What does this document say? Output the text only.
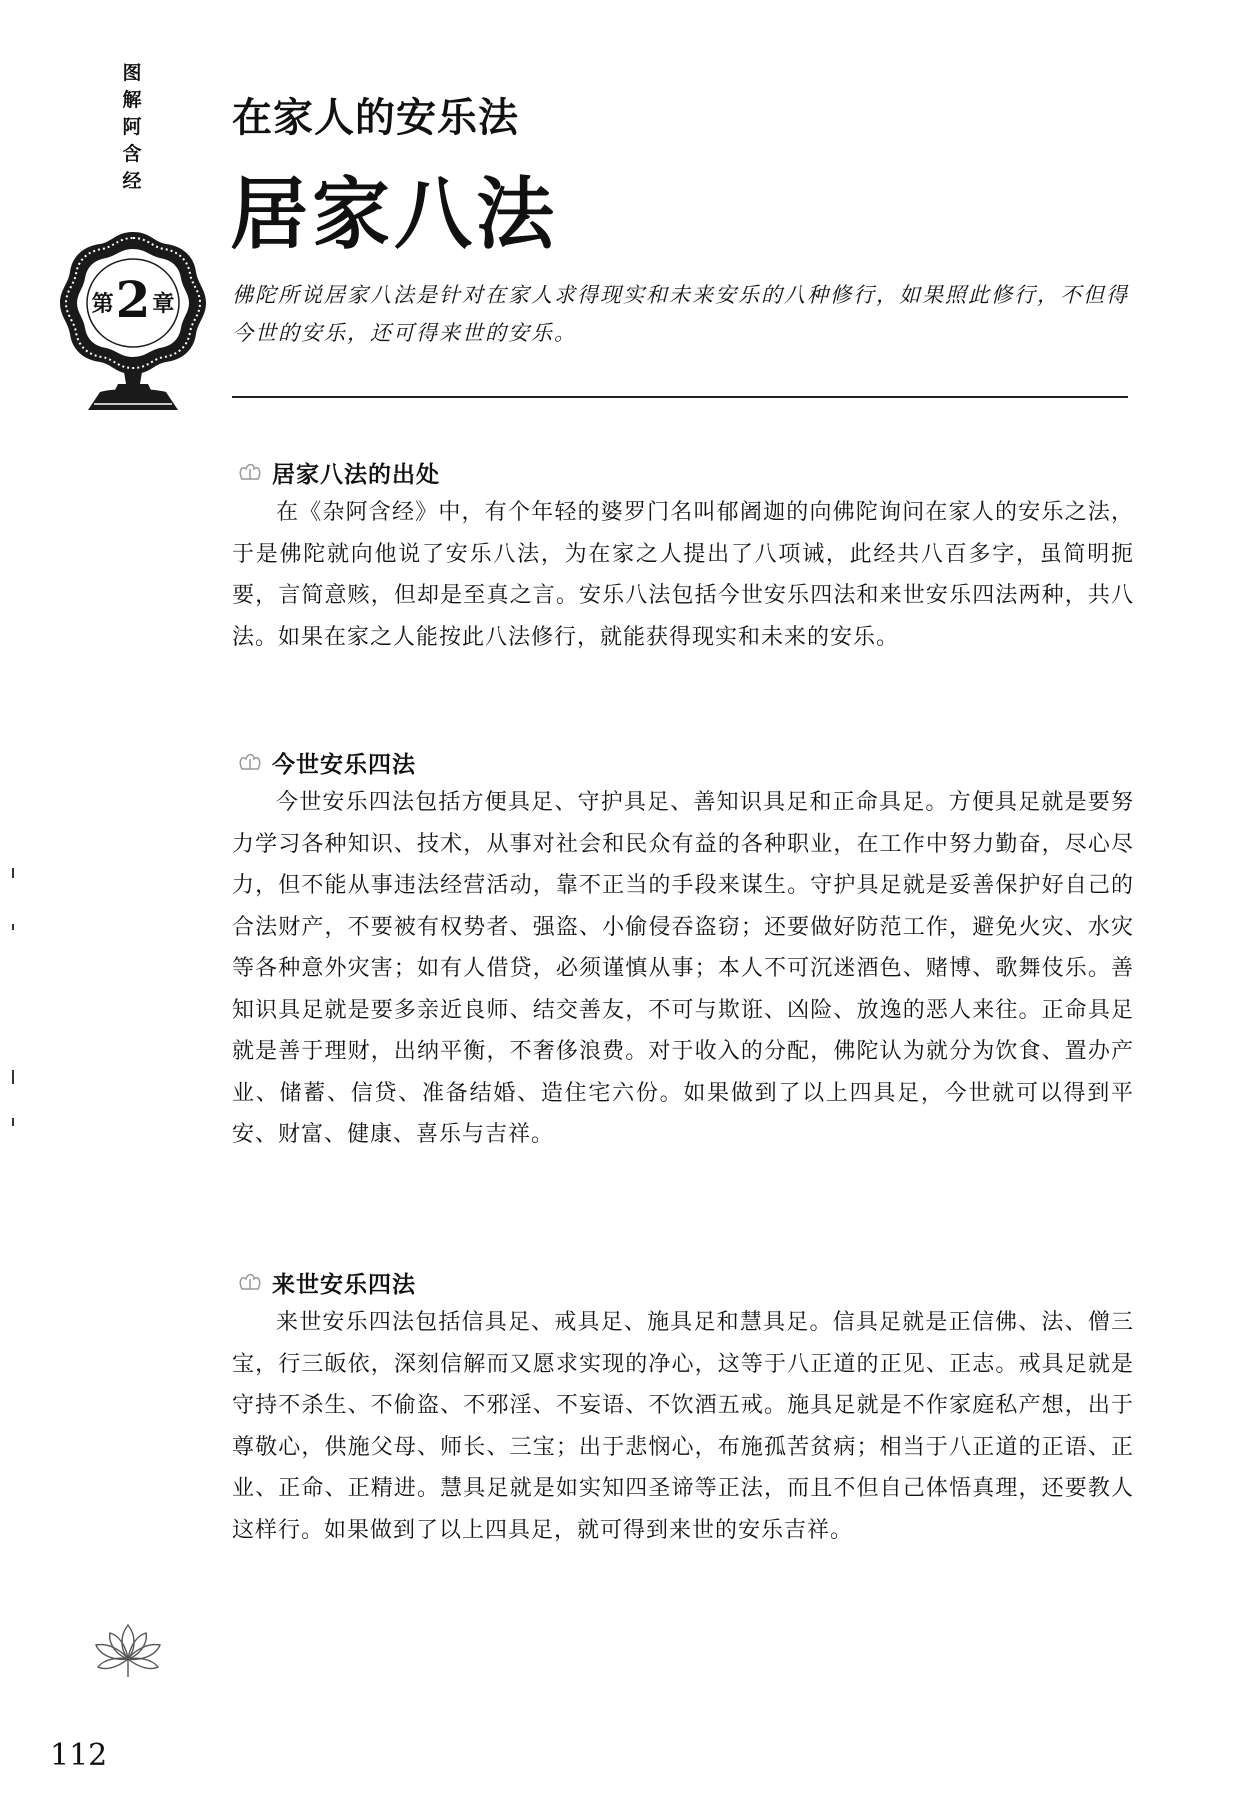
图
解
阿
含
经
第2章
在家人的安乐法
居家八法
佛陀所说居家八法是针对在家人求得现实和未来安乐的八种修行，如果照此修行，不但得今世的安乐，还可得来世的安乐。
居家八法的出处

在《杂阿含经》中，有个年轻的婆罗门名叫郁阇迦的向佛陀询问在家人的安乐之法，于是佛陀就向他说了安乐八法，为在家之人提出了八项诫，此经共八百多字，虽简明扼要，言简意赅，但却是至真之言。安乐八法包括今世安乐四法和来世安乐四法两种，共八法。如果在家之人能按此八法修行，就能获得现实和未来的安乐。

今世安乐四法

今世安乐四法包括方便具足、守护具足、善知识具足和正命具足。方便具足就是要努力学习各种知识、技术，从事对社会和民众有益的各种职业，在工作中努力勤奋，尽心尽力，但不能从事违法经营活动，靠不正当的手段来谋生。守护具足就是妥善保护好自己的合法财产，不要被有权势者、强盗、小偷侵吞盗窃；还要做好防范工作，避免火灾、水灾等各种意外灾害；如有人借贷，必须谨慎从事；本人不可沉迷酒色、赌博、歌舞伎乐。善知识具足就是要多亲近良师、结交善友，不可与欺诳、凶险、放逸的恶人来往。正命具足就是善于理财，出纳平衡，不奢侈浪费。对于收入的分配，佛陀认为就分为饮食、置办产业、储蓄、信贷、准备结婚、造住宅六份。如果做到了以上四具足，今世就可以得到平安、财富、健康、喜乐与吉祥。

来世安乐四法

来世安乐四法包括信具足、戒具足、施具足和慧具足。信具足就是正信佛、法、僧三宝，行三皈依，深刻信解而又愿求实现的净心，这等于八正道的正见、正志。戒具足就是守持不杀生、不偷盗、不邪淫、不妄语、不饮酒五戒。施具足就是不作家庭私产想，出于尊敬心，供施父母、师长、三宝；出于悲悯心，布施孤苦贫病；相当于八正道的正语、正业、正命、正精进。慧具足就是如实知四圣谛等正法，而且不但自己体悟真理，还要教人这样行。如果做到了以上四具足，就可得到来世的安乐吉祥。

112
